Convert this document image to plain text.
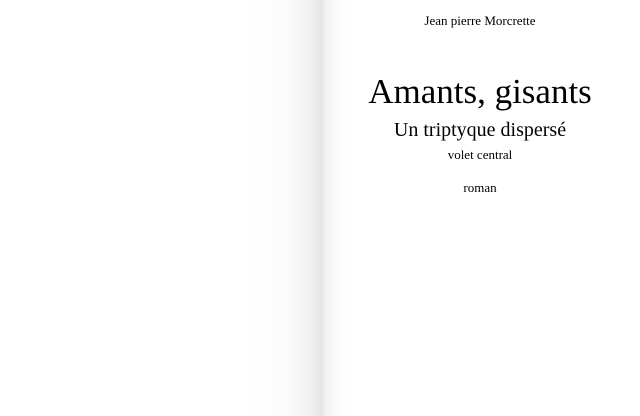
Jean pierre Morcrette
Amants, gisants
Un triptyque dispersé
volet central
roman
